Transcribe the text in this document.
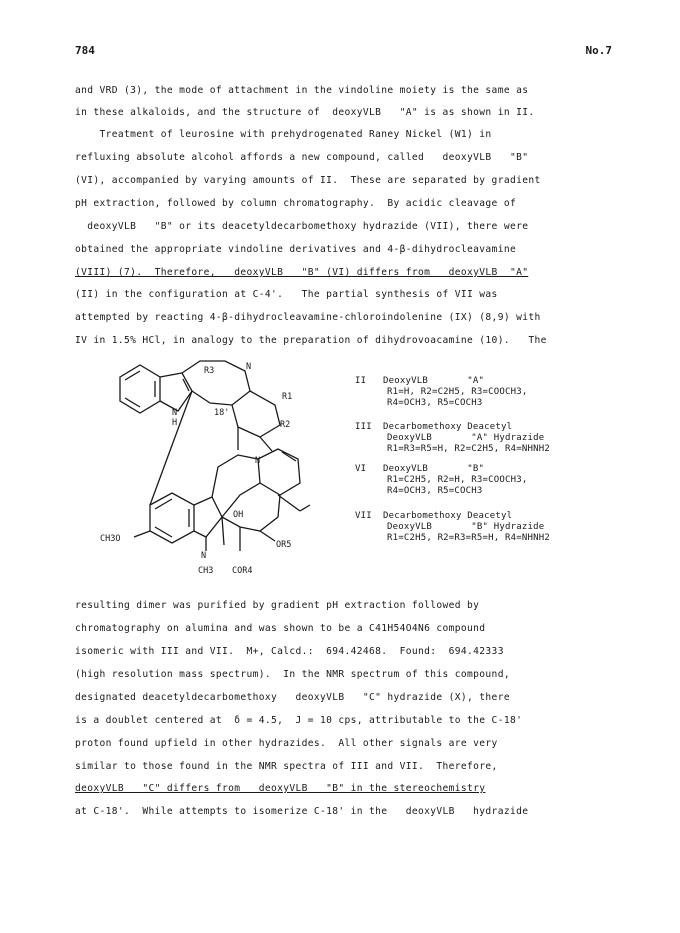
784	No.7
and VRD (3), the mode of attachment in the vindoline moiety is the same as
in these alkaloids, and the structure of  deoxyVLB   "A" is as shown in II.
Treatment of leurosine with prehydrogenated Raney Nickel (W1) in
refluxing absolute alcohol affords a new compound, called   deoxyVLB   "B"
(VI), accompanied by varying amounts of II.  These are separated by gradient
pH extraction, followed by column chromatography.  By acidic cleavage of
deoxyVLB   "B" or its deacetyldecarbomethoxy hydrazide (VII), there were
obtained the appropriate vindoline derivatives and 4-β-dihydrocleavamine
(VIII) (7).  Therefore,   deoxyVLB   "B" (VI) differs from   deoxyVLB  "A"
(II) in the configuration at C-4'.   The partial synthesis of VII was
attempted by reacting 4-β-dihydrocleavamine-chloroindolenine (IX) (8,9) with
IV in 1.5% HCl, in analogy to the preparation of dihydrovoacamine (10).   The
R3	N
R1
18'
R2
N
H
N
OH
OR5
CH3O
N
CH3 COR4
II DeoxyVLB       "A"
R1=H, R2=C2H5, R3=COOCH3,
R4=OCH3, R5=COCH3
III Decarbomethoxy Deacetyl
DeoxyVLB       "A" Hydrazide
R1=R3=R5=H, R2=C2H5, R4=NHNH2
VI DeoxyVLB       "B"
R1=C2H5, R2=H, R3=COOCH3,
R4=OCH3, R5=COCH3
VII Decarbomethoxy Deacetyl
DeoxyVLB       "B" Hydrazide
R1=C2H5, R2=R3=R5=H, R4=NHNH2
resulting dimer was purified by gradient pH extraction followed by
chromatography on alumina and was shown to be a C41H54O4N6 compound
isomeric with III and VII.  M+, Calcd.:  694.42468.  Found:  694.42333
(high resolution mass spectrum).  In the NMR spectrum of this compound,
designated deacetyldecarbomethoxy   deoxyVLB   "C" hydrazide (X), there
is a doublet centered at  δ = 4.5,  J = 10 cps, attributable to the C-18'
proton found upfield in other hydrazides.  All other signals are very
similar to those found in the NMR spectra of III and VII.  Therefore,
deoxyVLB   "C" differs from   deoxyVLB   "B" in the stereochemistry
at C-18'.  While attempts to isomerize C-18' in the   deoxyVLB   hydrazide
